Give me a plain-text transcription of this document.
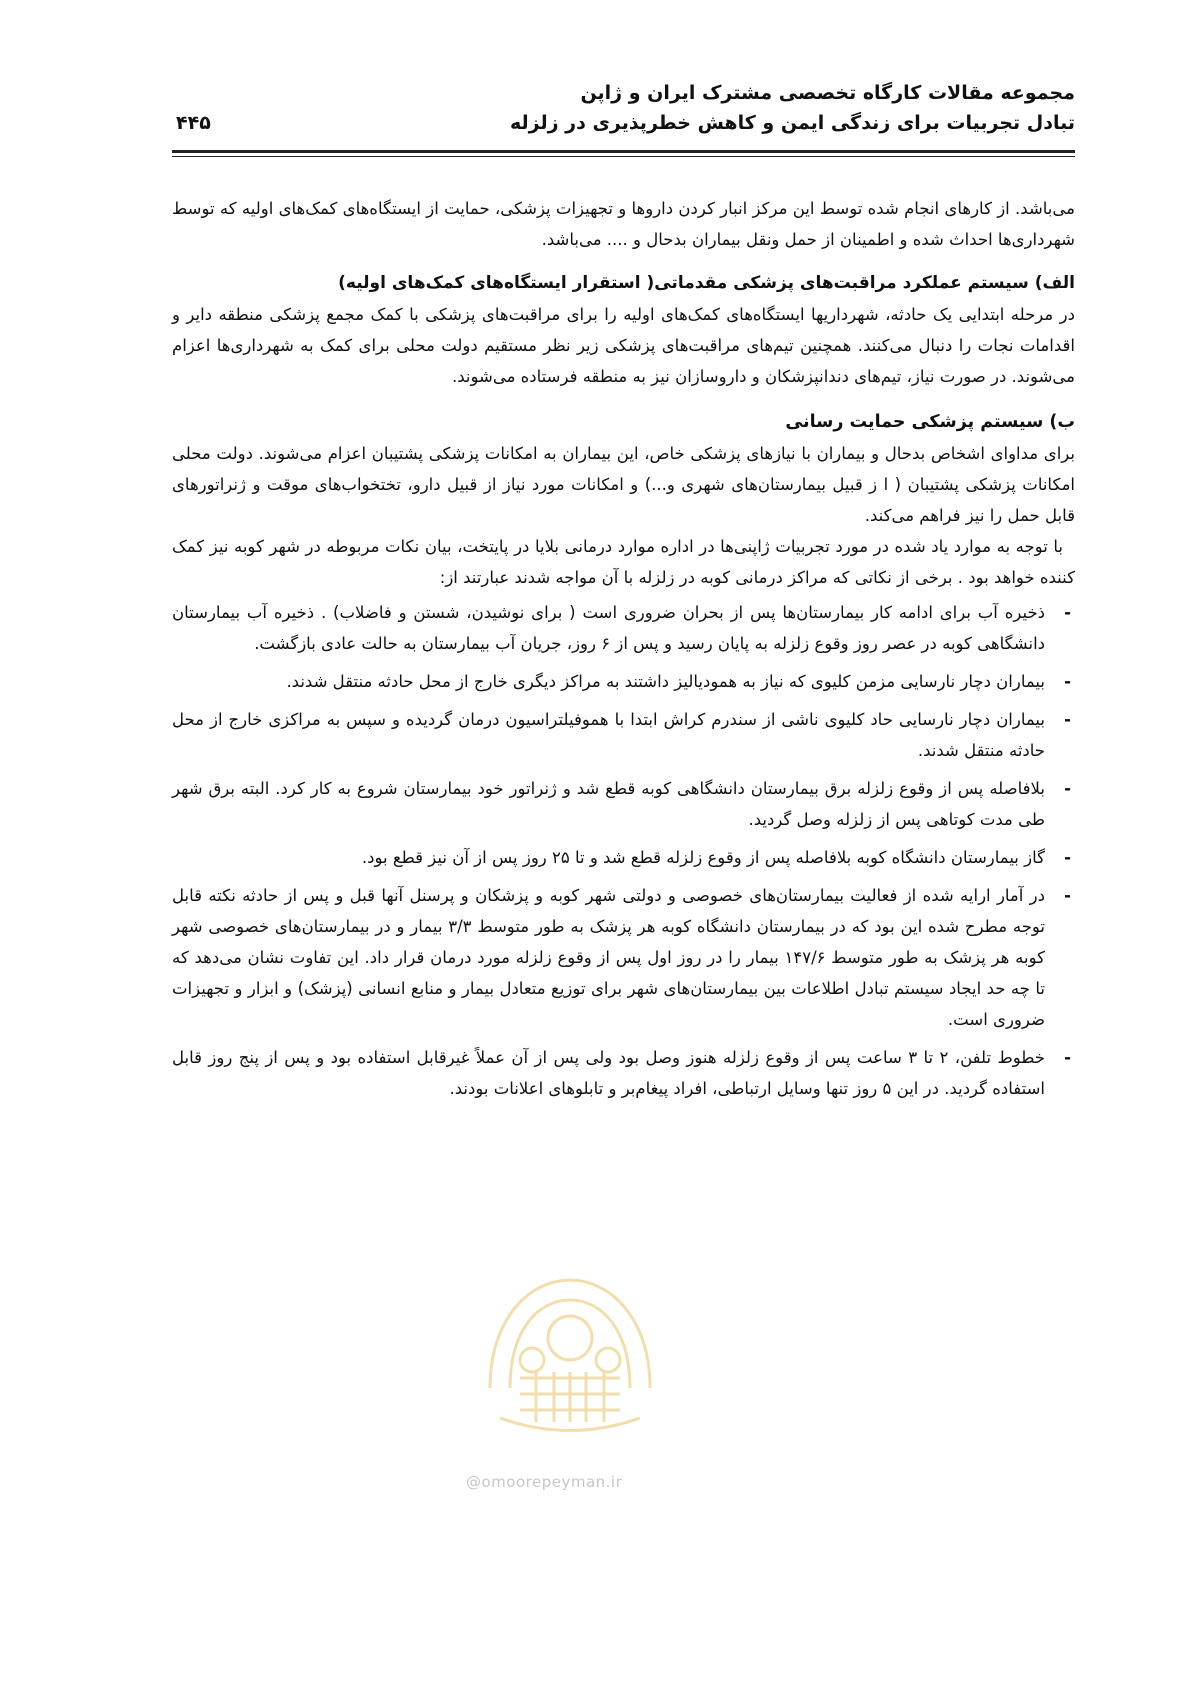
مجموعه مقالات کارگاه تخصصی مشترک ایران و ژاپن
تبادل تجربیات برای زندگی ایمن و کاهش خطرپذیری در زلزله
۴۴۵

می‌باشد. از کارهای انجام شده توسط این مرکز انبار کردن داروها و تجهیزات پزشکی، حمایت از ایستگاه‌های کمک‌های اولیه که توسط شهرداری‌ها احداث شده و اطمینان از حمل ونقل بیماران بدحال و .... می‌باشد.

الف) سیستم عملکرد مراقبت‌های پزشکی مقدماتی( استقرار ایستگاه‌های کمک‌های اولیه)

در مرحله ابتدایی یک حادثه، شهرداریها ایستگاه‌های کمک‌های اولیه را برای مراقبت‌های پزشکی با کمک مجمع پزشکی منطقه دایر و اقدامات نجات را دنبال می‌کنند. همچنین تیم‌های مراقبت‌های پزشکی زیر نظر مستقیم دولت محلی برای کمک به شهرداری‌ها اعزام می‌شوند. در صورت نیاز، تیم‌های دندانپزشکان و داروسازان نیز به منطقه فرستاده می‌شوند.

ب) سیستم پزشکی حمایت رسانی

برای مداوای اشخاص بدحال و بیماران با نیازهای پزشکی خاص، این بیماران به امکانات پزشکی پشتیبان اعزام می‌شوند. دولت محلی امکانات پزشکی پشتیبان ( ا ز قبیل بیمارستان‌های شهری و...) و امکانات مورد نیاز از قبیل دارو، تختخواب‌های موقت و ژنراتورهای قابل حمل را نیز فراهم می‌کند.

با توجه به موارد یاد شده در مورد تجربیات ژاپنی‌ها در اداره موارد درمانی بلایا در پایتخت، بیان نکات مربوطه در شهر کوبه نیز کمک کننده خواهد بود . برخی از نکاتی که مراکز درمانی کوبه در زلزله با آن مواجه شدند عبارتند از:

- ذخیره آب برای ادامه کار بیمارستان‌ها پس از بحران ضروری است ( برای نوشیدن، شستن و فاضلاب) . ذخیره آب بیمارستان دانشگاهی کوبه در عصر روز وقوع زلزله به پایان رسید و پس از ۶ روز، جریان آب بیمارستان به حالت عادی بازگشت.
- بیماران دچار نارسایی مزمن کلیوی که نیاز به همودیالیز داشتند به مراکز دیگری خارج از محل حادثه منتقل شدند.
- بیماران دچار نارسایی حاد کلیوی ناشی از سندرم کراش ابتدا با هموفیلتراسیون درمان گردیده و سپس به مراکزی خارج از محل حادثه منتقل شدند.
- بلافاصله پس از وقوع زلزله برق بیمارستان دانشگاهی کوبه قطع شد و ژنراتور خود بیمارستان شروع به کار کرد. البته برق شهر طی مدت کوتاهی پس از زلزله وصل گردید.
- گاز بیمارستان دانشگاه کوبه بلافاصله پس از وقوع زلزله قطع شد و تا ۲۵ روز پس از آن نیز قطع بود.
- در آمار ارایه شده از فعالیت بیمارستان‌های خصوصی و دولتی شهر کوبه و پزشکان و پرسنل آنها قبل و پس از حادثه نکته قابل توجه مطرح شده این بود که در بیمارستان دانشگاه کوبه هر پزشک به طور متوسط ۳/۳ بیمار و در بیمارستان‌های خصوصی شهر کوبه هر پزشک به طور متوسط ۱۴۷/۶ بیمار را در روز اول پس از وقوع زلزله مورد درمان قرار داد. این تفاوت نشان می‌دهد که تا چه حد ایجاد سیستم تبادل اطلاعات بین بیمارستان‌های شهر برای توزیع متعادل بیمار و منابع انسانی (پزشک) و ابزار و تجهیزات ضروری است.
- خطوط تلفن، ۲ تا ۳ ساعت پس از وقوع زلزله هنوز وصل بود ولی پس از آن عملاً غیرقابل استفاده بود و پس از پنج روز قابل استفاده گردید. در این ۵ روز تنها وسایل ارتباطی، افراد پیغام‌بر و تابلوهای اعلانات بودند.
@omoorepeyman.ir
